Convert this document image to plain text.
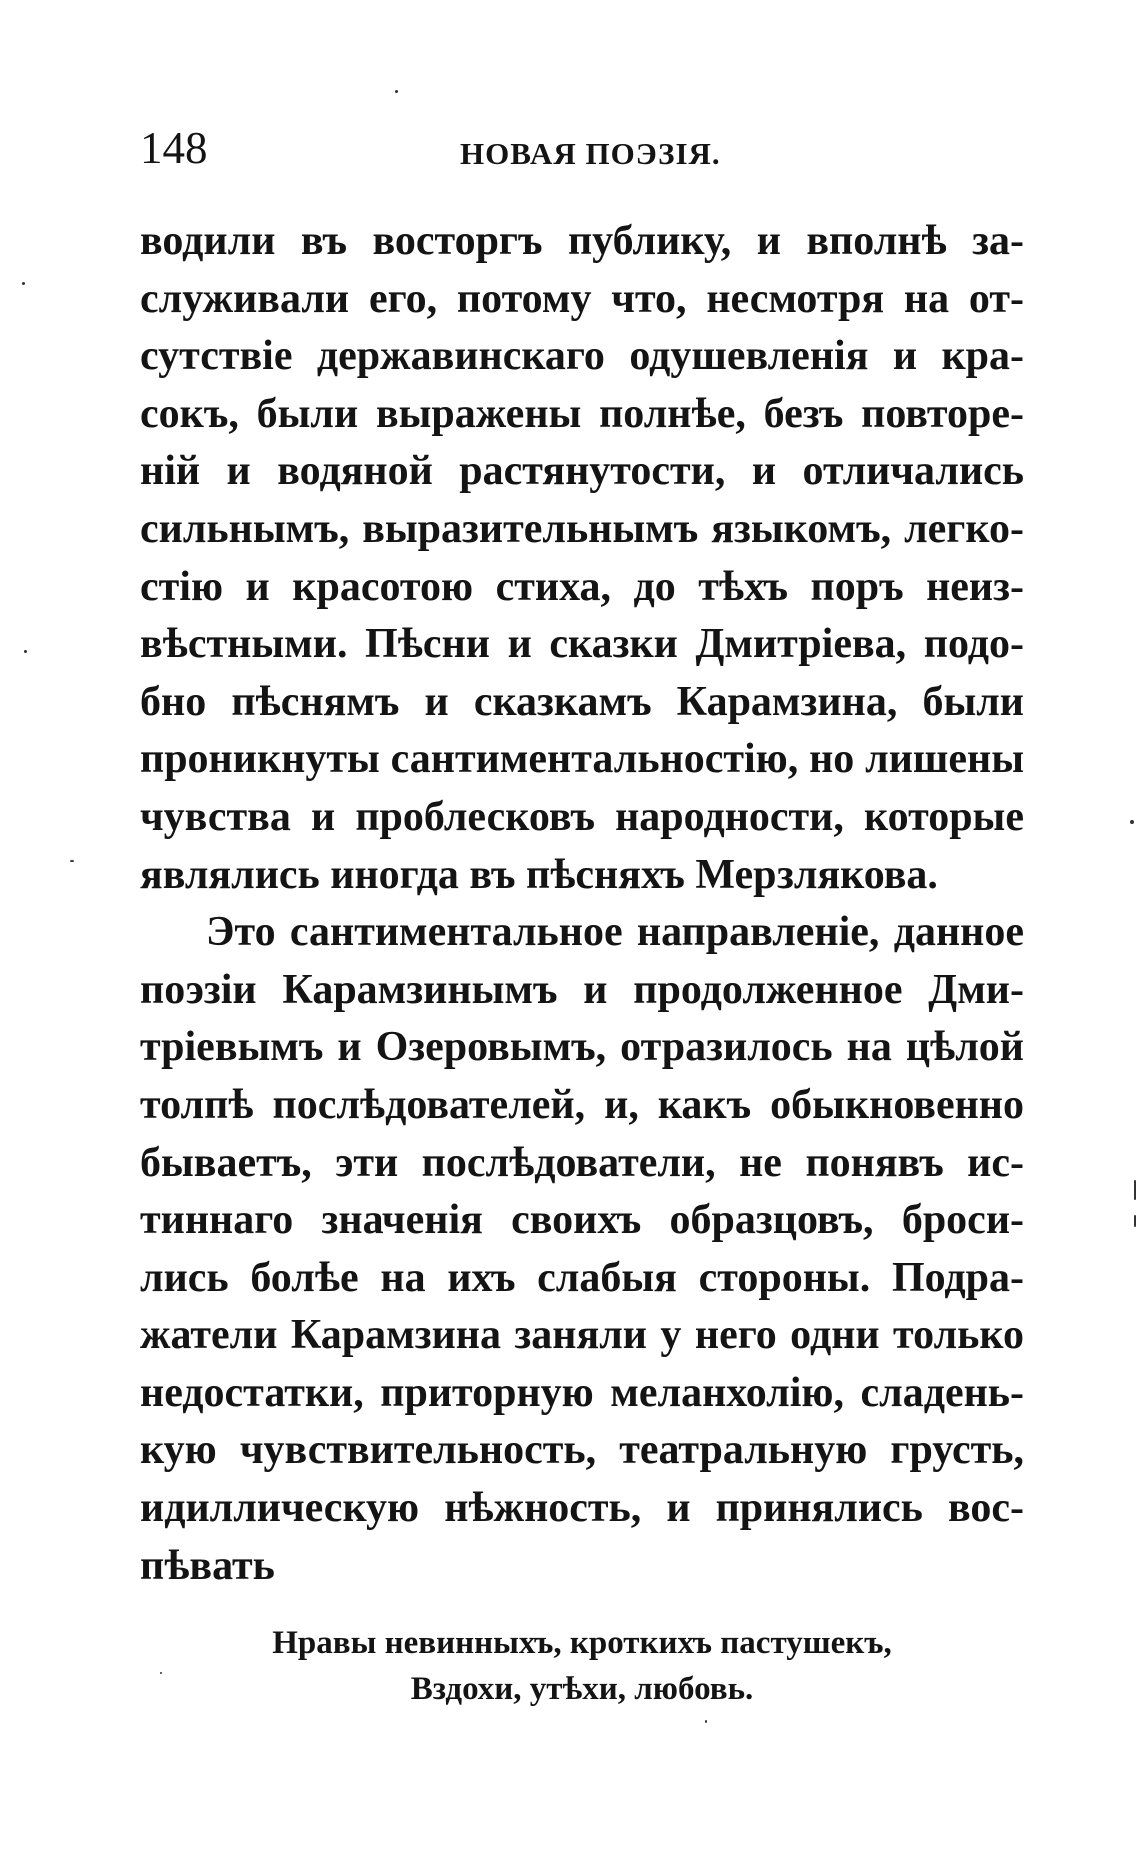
148	НОВАЯ ПОЭЗІЯ.
водили въ восторгъ публику, и вполнѣ за-
служивали его, потому что, несмотря на от-
сутствіе державинскаго одушевленія и кра-
сокъ, были выражены полнѣе, безъ повторе-
ній и водяной растянутости, и отличались
сильнымъ, выразительнымъ языкомъ, легко-
стію и красотою стиха, до тѣхъ поръ неиз-
вѣстными. Пѣсни и сказки Дмитріева, подо-
бно пѣснямъ и сказкамъ Карамзина, были
проникнуты сантиментальностію, но лишены
чувства и проблесковъ народности, которые
являлись иногда въ пѣсняхъ Мерзлякова.
Это сантиментальное направленіе, данное
поэзіи Карамзинымъ и продолженное Дми-
тріевымъ и Озеровымъ, отразилось на цѣлой
толпѣ послѣдователей, и, какъ обыкновенно
бываетъ, эти послѣдователи, не понявъ ис-
тиннаго значенія своихъ образцовъ, броси-
лись болѣе на ихъ слабыя стороны. Подра-
жатели Карамзина заняли у него одни только
недостатки, приторную меланхолію, сладень-
кую чувствительность, театральную грусть,
идиллическую нѣжность, и принялись вос-
пѣвать
Нравы невинныхъ, кроткихъ пастушекъ,
Вздохи, утѣхи, любовь.
